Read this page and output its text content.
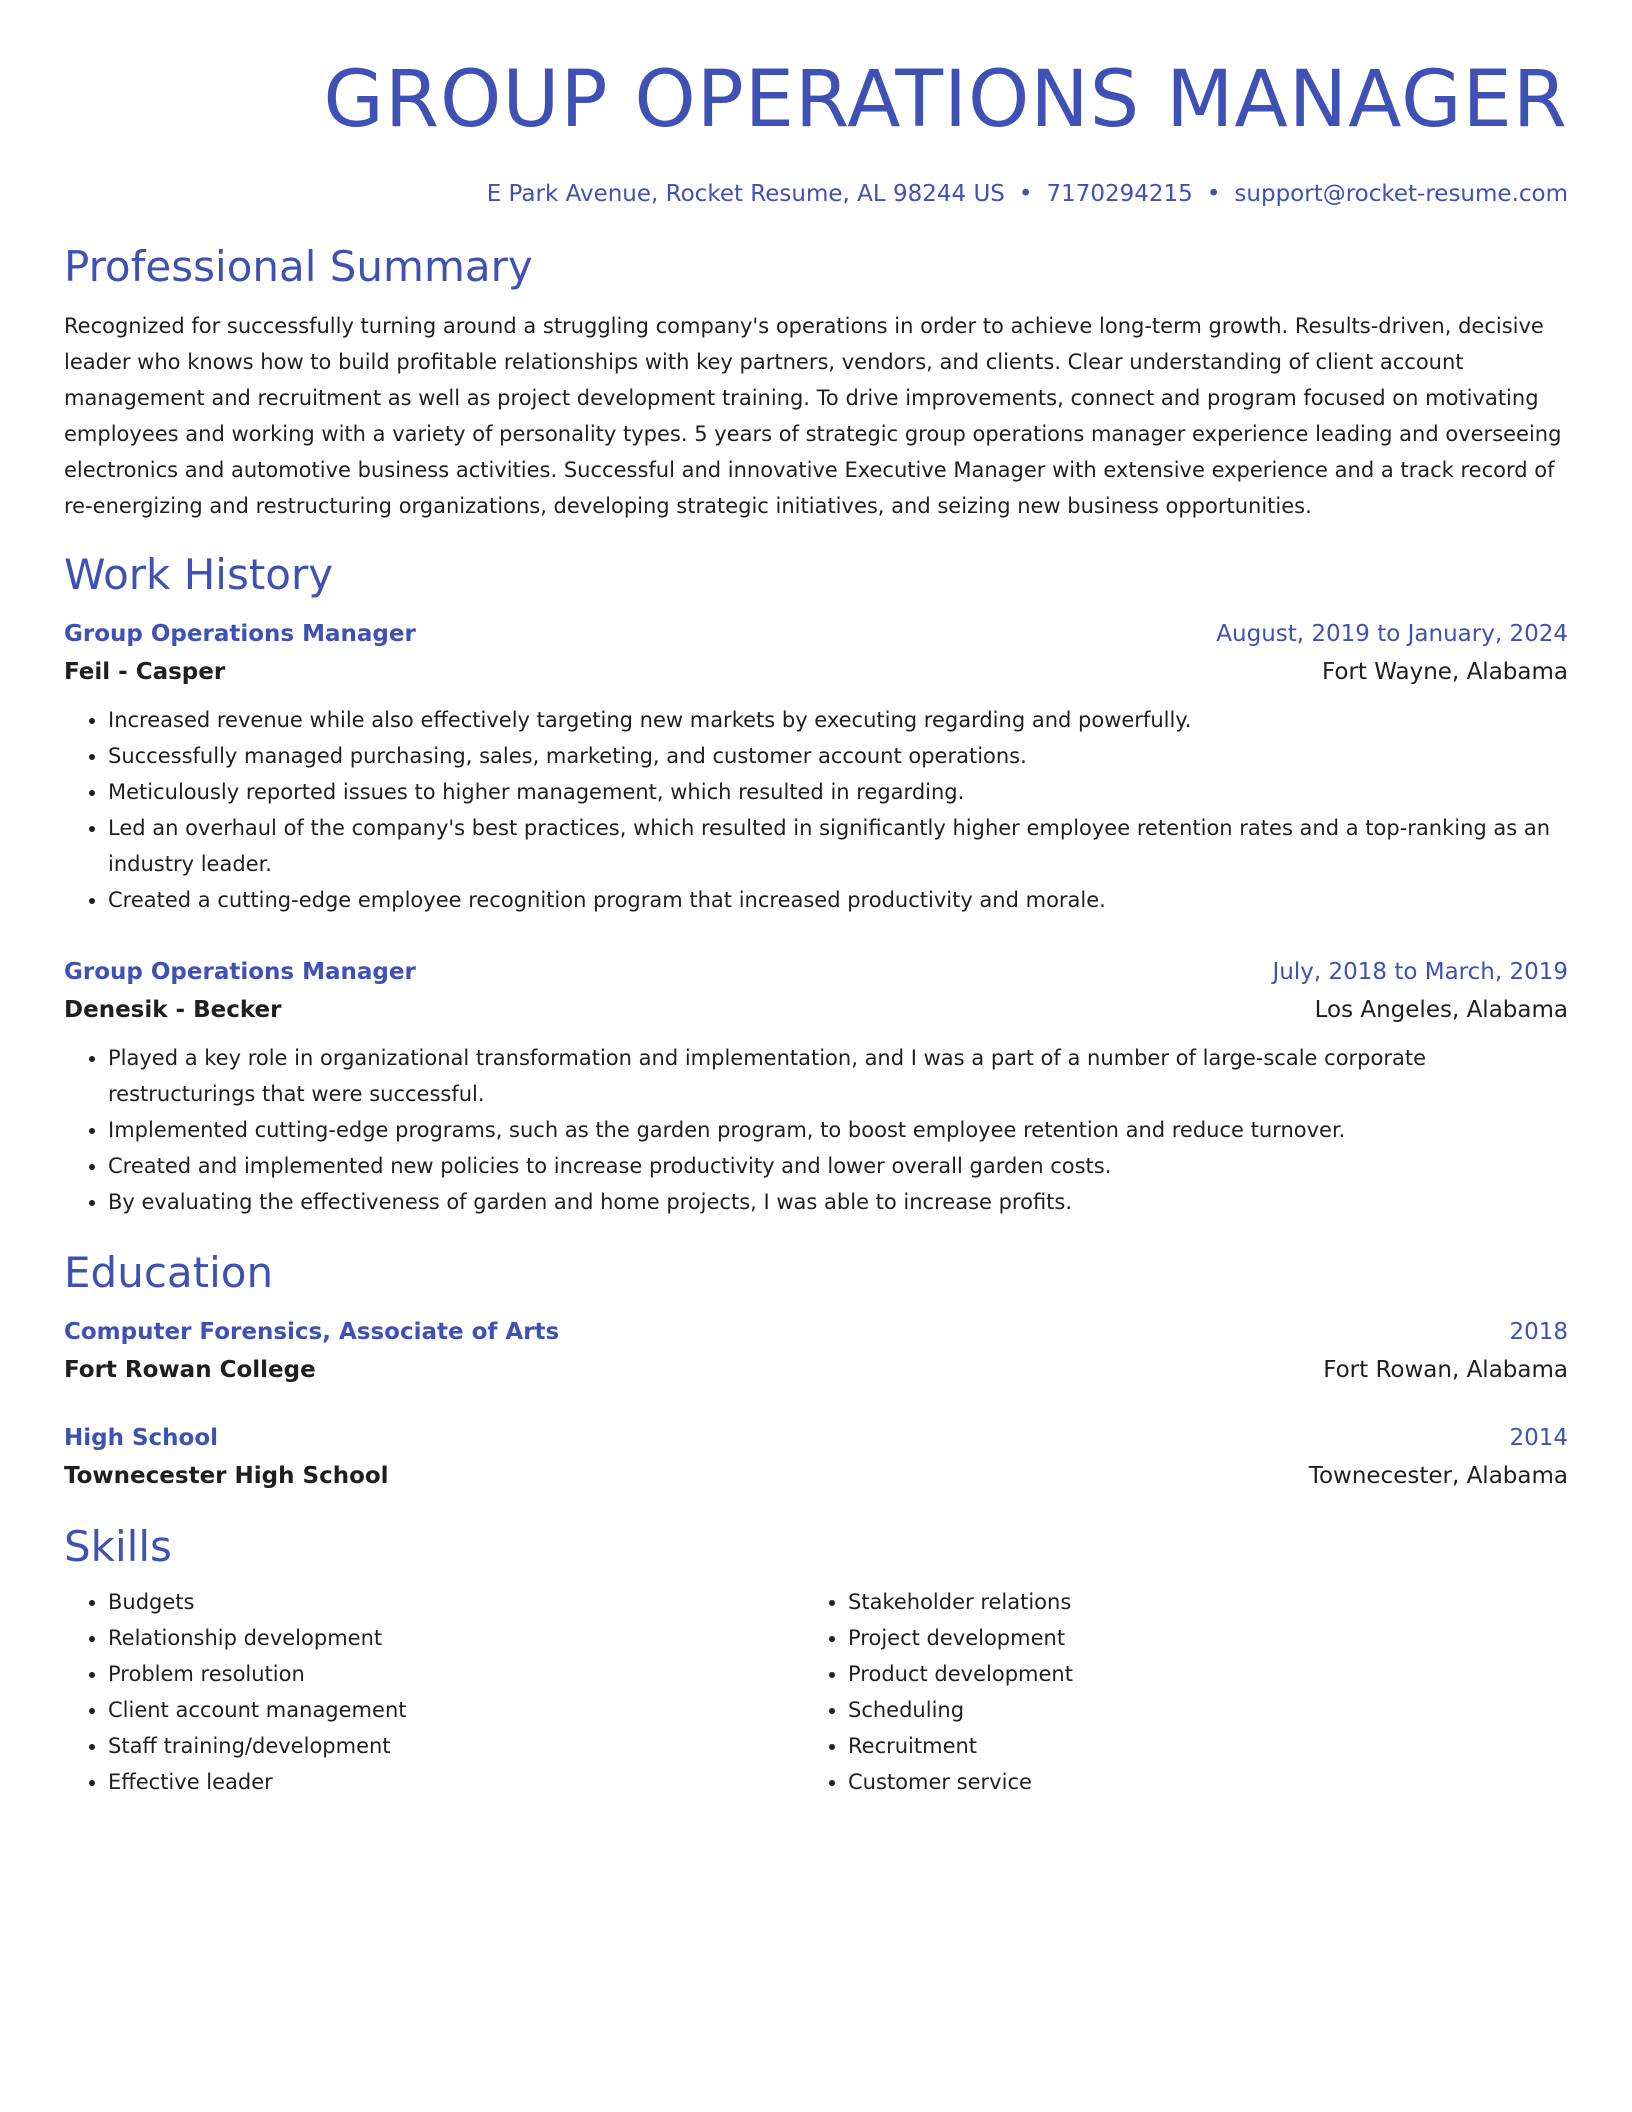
GROUP OPERATIONS MANAGER
E Park Avenue, Rocket Resume, AL 98244 US • 7170294215 • support@rocket-resume.com
Professional Summary
Recognized for successfully turning around a struggling company's operations in order to achieve long-term growth. Results-driven, decisive leader who knows how to build profitable relationships with key partners, vendors, and clients. Clear understanding of client account management and recruitment as well as project development training. To drive improvements, connect and program focused on motivating employees and working with a variety of personality types. 5 years of strategic group operations manager experience leading and overseeing electronics and automotive business activities. Successful and innovative Executive Manager with extensive experience and a track record of re-energizing and restructuring organizations, developing strategic initiatives, and seizing new business opportunities.
Work History
Group Operations Manager	August, 2019 to January, 2024
Feil - Casper	Fort Wayne, Alabama
• Increased revenue while also effectively targeting new markets by executing regarding and powerfully.
• Successfully managed purchasing, sales, marketing, and customer account operations.
• Meticulously reported issues to higher management, which resulted in regarding.
• Led an overhaul of the company's best practices, which resulted in significantly higher employee retention rates and a top-ranking as an industry leader.
• Created a cutting-edge employee recognition program that increased productivity and morale.
Group Operations Manager	July, 2018 to March, 2019
Denesik - Becker	Los Angeles, Alabama
• Played a key role in organizational transformation and implementation, and I was a part of a number of large-scale corporate restructurings that were successful.
• Implemented cutting-edge programs, such as the garden program, to boost employee retention and reduce turnover.
• Created and implemented new policies to increase productivity and lower overall garden costs.
• By evaluating the effectiveness of garden and home projects, I was able to increase profits.
Education
Computer Forensics, Associate of Arts	2018
Fort Rowan College	Fort Rowan, Alabama
High School	2014
Townecester High School	Townecester, Alabama
Skills
• Budgets
• Relationship development
• Problem resolution
• Client account management
• Staff training/development
• Effective leader
• Stakeholder relations
• Project development
• Product development
• Scheduling
• Recruitment
• Customer service
